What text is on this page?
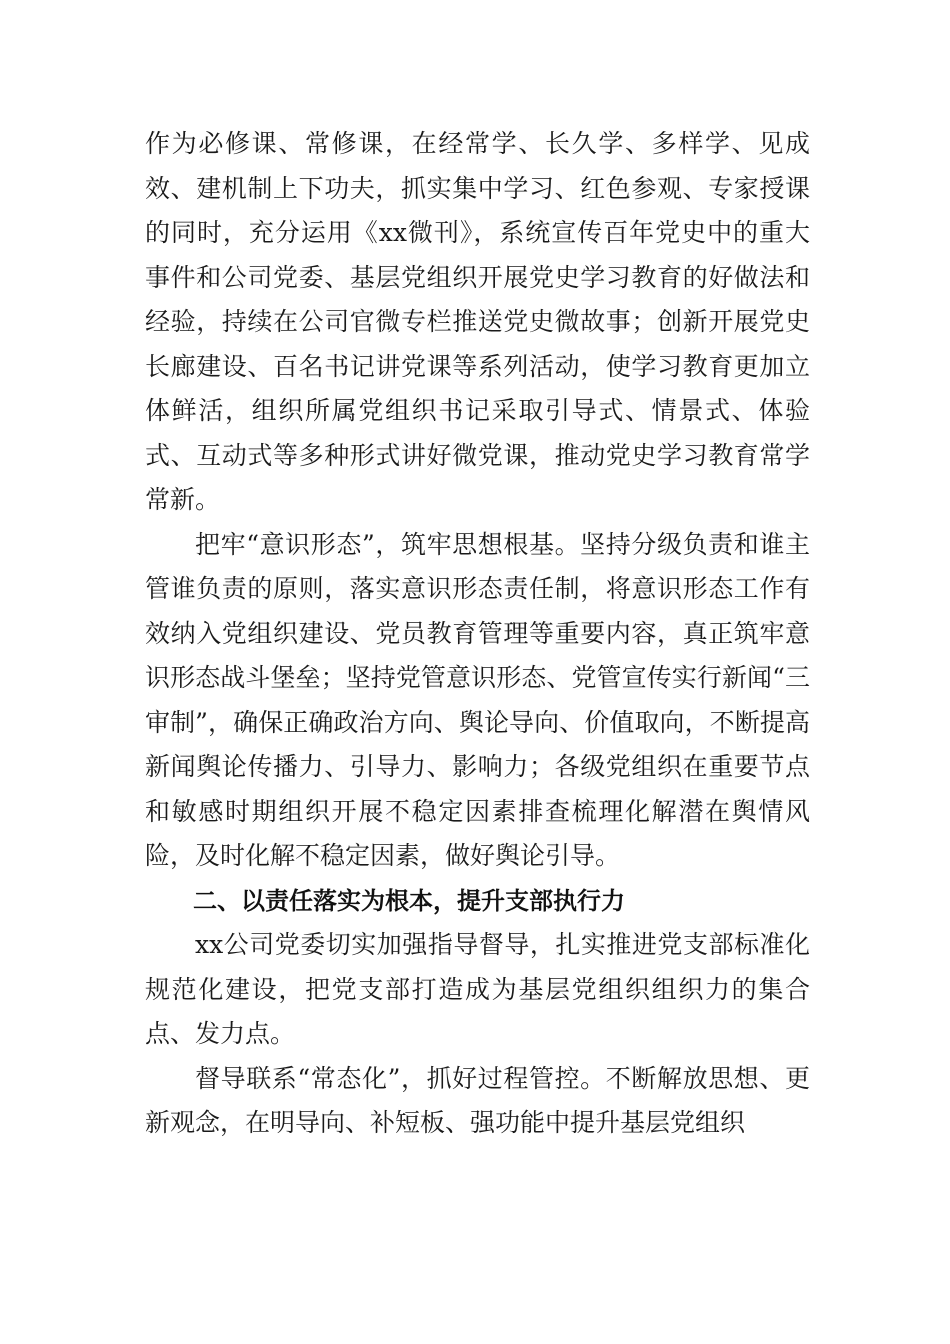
作为必修课、常修课，在经常学、长久学、多样学、见成效、建机制上下功夫，抓实集中学习、红色参观、专家授课的同时，充分运用《xx微刊》，系统宣传百年党史中的重大事件和公司党委、基层党组织开展党史学习教育的好做法和经验，持续在公司官微专栏推送党史微故事；创新开展党史长廊建设、百名书记讲党课等系列活动，使学习教育更加立体鲜活，组织所属党组织书记采取引导式、情景式、体验式、互动式等多种形式讲好微党课，推动党史学习教育常学常新。

把牢“意识形态”，筑牢思想根基。坚持分级负责和谁主管谁负责的原则，落实意识形态责任制，将意识形态工作有效纳入党组织建设、党员教育管理等重要内容，真正筑牢意识形态战斗堡垒；坚持党管意识形态、党管宣传实行新闻“三审制”，确保正确政治方向、舆论导向、价值取向，不断提高新闻舆论传播力、引导力、影响力；各级党组织在重要节点和敏感时期组织开展不稳定因素排查梳理化解潜在舆情风险，及时化解不稳定因素，做好舆论引导。

二、以责任落实为根本，提升支部执行力

xx公司党委切实加强指导督导，扎实推进党支部标准化规范化建设，把党支部打造成为基层党组织组织力的集合点、发力点。

督导联系“常态化”，抓好过程管控。不断解放思想、更新观念，在明导向、补短板、强功能中提升基层党组织
